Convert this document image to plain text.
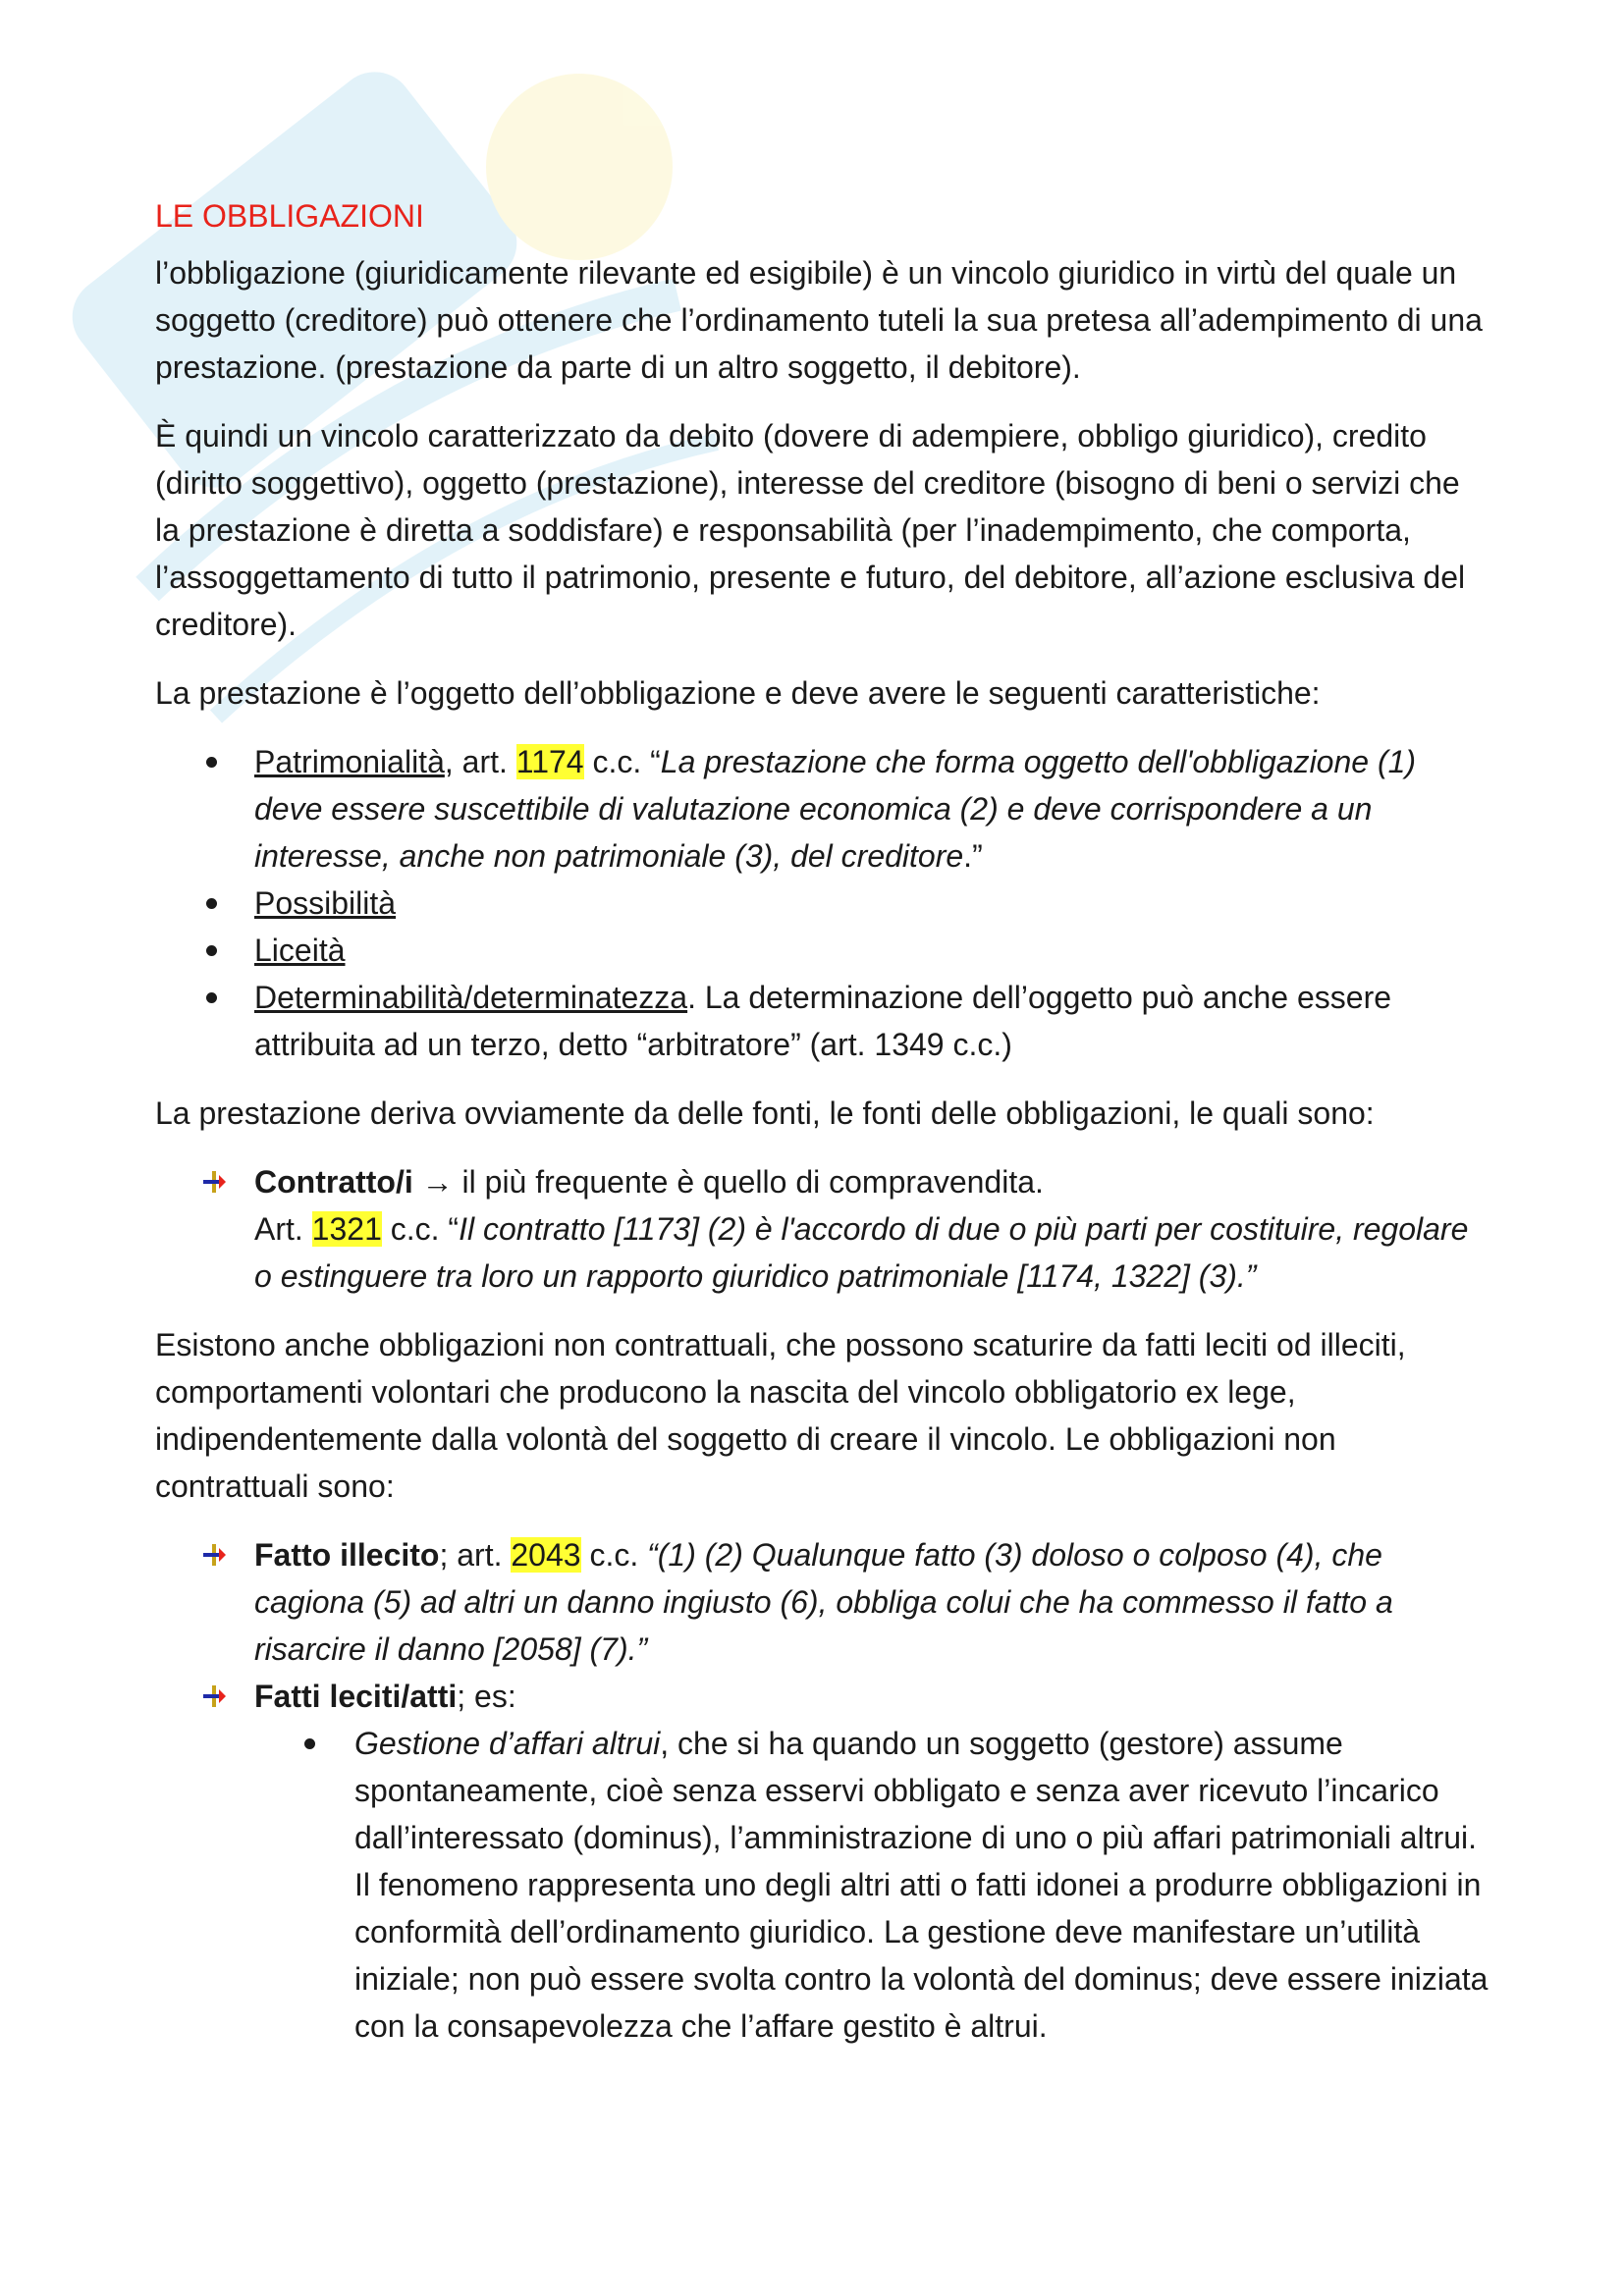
LE OBBLIGAZIONI

l’obbligazione (giuridicamente rilevante ed esigibile) è un vincolo giuridico in virtù del quale un soggetto (creditore) può ottenere che l’ordinamento tuteli la sua pretesa all’adempimento di una prestazione. (prestazione da parte di un altro soggetto, il debitore).

È quindi un vincolo caratterizzato da debito (dovere di adempiere, obbligo giuridico), credito (diritto soggettivo), oggetto (prestazione), interesse del creditore (bisogno di beni o servizi che la prestazione è diretta a soddisfare) e responsabilità (per l’inadempimento, che comporta, l’assoggettamento di tutto il patrimonio, presente e futuro, del debitore, all’azione esclusiva del creditore).

La prestazione è l’oggetto dell’obbligazione e deve avere le seguenti caratteristiche:

Patrimonialità, art. 1174 c.c. “La prestazione che forma oggetto dell'obbligazione (1) deve essere suscettibile di valutazione economica (2) e deve corrispondere a un interesse, anche non patrimoniale (3), del creditore.”
Possibilità
Liceità
Determinabilità/determinatezza. La determinazione dell’oggetto può anche essere attribuita ad un terzo, detto “arbitratore” (art. 1349 c.c.)

La prestazione deriva ovviamente da delle fonti, le fonti delle obbligazioni, le quali sono:

Contratto/i → il più frequente è quello di compravendita.
Art. 1321 c.c. “Il contratto [1173] (2) è l'accordo di due o più parti per costituire, regolare o estinguere tra loro un rapporto giuridico patrimoniale [1174, 1322] (3).”

Esistono anche obbligazioni non contrattuali, che possono scaturire da fatti leciti od illeciti, comportamenti volontari che producono la nascita del vincolo obbligatorio ex lege, indipendentemente dalla volontà del soggetto di creare il vincolo. Le obbligazioni non contrattuali sono:

Fatto illecito; art. 2043 c.c. “(1) (2) Qualunque fatto (3) doloso o colposo (4), che cagiona (5) ad altri un danno ingiusto (6), obbliga colui che ha commesso il fatto a risarcire il danno [2058] (7).”
Fatti leciti/atti; es:
Gestione d’affari altrui, che si ha quando un soggetto (gestore) assume spontaneamente, cioè senza esservi obbligato e senza aver ricevuto l’incarico dall’interessato (dominus), l’amministrazione di uno o più affari patrimoniali altrui. Il fenomeno rappresenta uno degli altri atti o fatti idonei a produrre obbligazioni in conformità dell’ordinamento giuridico. La gestione deve manifestare un’utilità iniziale; non può essere svolta contro la volontà del dominus; deve essere iniziata con la consapevolezza che l’affare gestito è altrui.
